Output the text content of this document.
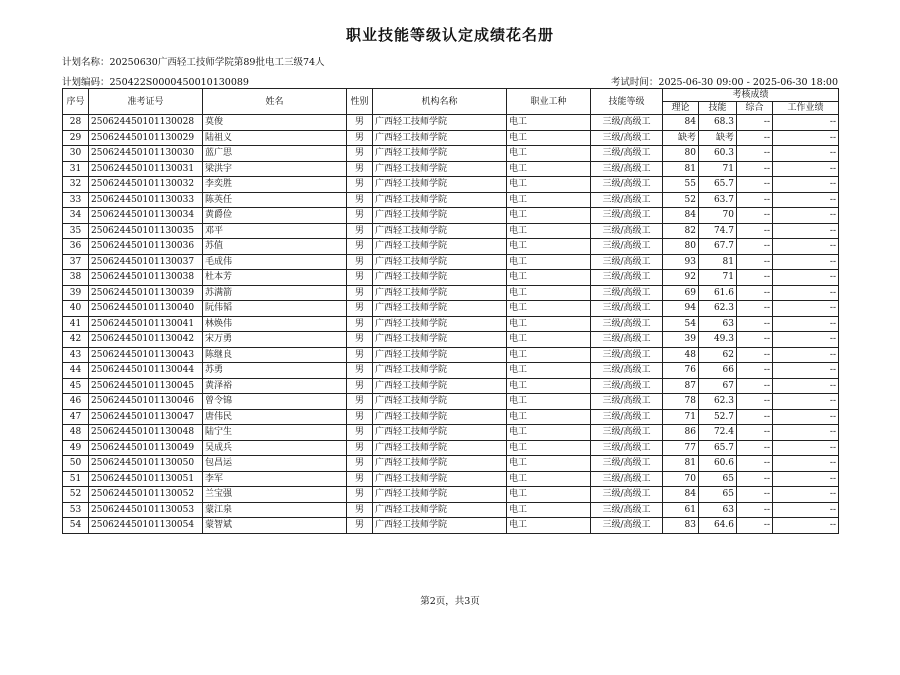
职业技能等级认定成绩花名册
计划名称：20250630广西轻工技师学院第89批电工三级74人
计划编码：250422S0000450010130089	考试时间：2025-06-30 09:00 - 2025-06-30 18:00
序号	准考证号	姓名	性别	机构名称	职业工种	技能等级	考核成绩			
							理论	技能	综合	工作业绩
28	250624450101130028	莫俊	男	广西轻工技师学院	电工	三级/高级工	84	68.3	--	--
29	250624450101130029	陆祖义	男	广西轻工技师学院	电工	三级/高级工	缺考	缺考	--	--
30	250624450101130030	蓝广思	男	广西轻工技师学院	电工	三级/高级工	80	60.3	--	--
31	250624450101130031	梁洪宇	男	广西轻工技师学院	电工	三级/高级工	81	71	--	--
32	250624450101130032	李奕胜	男	广西轻工技师学院	电工	三级/高级工	55	65.7	--	--
33	250624450101130033	陈英任	男	广西轻工技师学院	电工	三级/高级工	52	63.7	--	--
34	250624450101130034	黄爵俭	男	广西轻工技师学院	电工	三级/高级工	84	70	--	--
35	250624450101130035	邓平	男	广西轻工技师学院	电工	三级/高级工	82	74.7	--	--
36	250624450101130036	苏值	男	广西轻工技师学院	电工	三级/高级工	80	67.7	--	--
37	250624450101130037	毛成伟	男	广西轻工技师学院	电工	三级/高级工	93	81	--	--
38	250624450101130038	杜本芳	男	广西轻工技师学院	电工	三级/高级工	92	71	--	--
39	250624450101130039	苏满箭	男	广西轻工技师学院	电工	三级/高级工	69	61.6	--	--
40	250624450101130040	阮伟韬	男	广西轻工技师学院	电工	三级/高级工	94	62.3	--	--
41	250624450101130041	林焕伟	男	广西轻工技师学院	电工	三级/高级工	54	63	--	--
42	250624450101130042	宋万勇	男	广西轻工技师学院	电工	三级/高级工	39	49.3	--	--
43	250624450101130043	陈继良	男	广西轻工技师学院	电工	三级/高级工	48	62	--	--
44	250624450101130044	苏勇	男	广西轻工技师学院	电工	三级/高级工	76	66	--	--
45	250624450101130045	黄泽裕	男	广西轻工技师学院	电工	三级/高级工	87	67	--	--
46	250624450101130046	曾令锦	男	广西轻工技师学院	电工	三级/高级工	78	62.3	--	--
47	250624450101130047	唐伟民	男	广西轻工技师学院	电工	三级/高级工	71	52.7	--	--
48	250624450101130048	陆宁生	男	广西轻工技师学院	电工	三级/高级工	86	72.4	--	--
49	250624450101130049	吴成兵	男	广西轻工技师学院	电工	三级/高级工	77	65.7	--	--
50	250624450101130050	包昌运	男	广西轻工技师学院	电工	三级/高级工	81	60.6	--	--
51	250624450101130051	李军	男	广西轻工技师学院	电工	三级/高级工	70	65	--	--
52	250624450101130052	兰宝强	男	广西轻工技师学院	电工	三级/高级工	84	65	--	--
53	250624450101130053	蒙江泉	男	广西轻工技师学院	电工	三级/高级工	61	63	--	--
54	250624450101130054	蒙智斌	男	广西轻工技师学院	电工	三级/高级工	83	64.6	--	--
第2页，共3页
